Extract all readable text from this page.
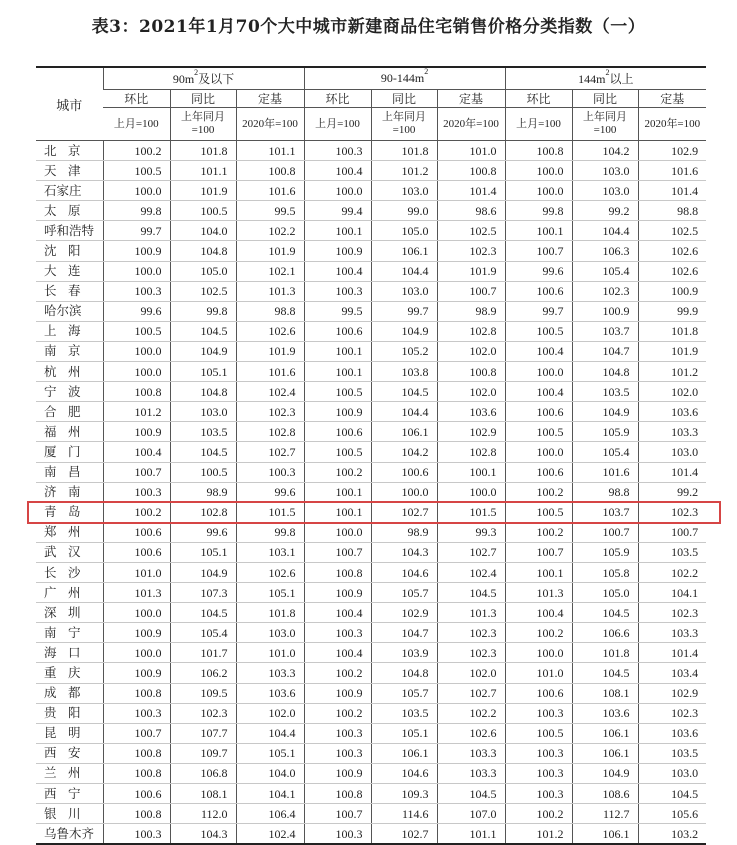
表3：2021年1月70个大中城市新建商品住宅销售价格分类指数（一）
城市	$90m^2$及以下			$90-144m^2$			$144m^2$以上		
	环比	同比	定基	环比	同比	定基	环比	同比	定基
	上月=100	上年同月=100	2020年=100	上月=100	上年同月=100	2020年=100	上月=100	上年同月=100	2020年=100
北 京	100.2	101.8	101.1	100.3	101.8	101.0	100.8	104.2	102.9
天 津	100.5	101.1	100.8	100.4	101.2	100.8	100.0	103.0	101.6
石家庄	100.0	101.9	101.6	100.0	103.0	101.4	100.0	103.0	101.4
太 原	99.8	100.5	99.5	99.4	99.0	98.6	99.8	99.2	98.8
呼和浩特	99.7	104.0	102.2	100.1	105.0	102.5	100.1	104.4	102.5
沈 阳	100.9	104.8	101.9	100.9	106.1	102.3	100.7	106.3	102.6
大 连	100.0	105.0	102.1	100.4	104.4	101.9	99.6	105.4	102.6
长 春	100.3	102.5	101.3	100.3	103.0	100.7	100.6	102.3	100.9
哈尔滨	99.6	99.8	98.8	99.5	99.7	98.9	99.7	100.9	99.9
上 海	100.5	104.5	102.6	100.6	104.9	102.8	100.5	103.7	101.8
南 京	100.0	104.9	101.9	100.1	105.2	102.0	100.4	104.7	101.9
杭 州	100.0	105.1	101.6	100.1	103.8	100.8	100.0	104.8	101.2
宁 波	100.8	104.8	102.4	100.5	104.5	102.0	100.4	103.5	102.0
合 肥	101.2	103.0	102.3	100.9	104.4	103.6	100.6	104.9	103.6
福 州	100.9	103.5	102.8	100.6	106.1	102.9	100.5	105.9	103.3
厦 门	100.4	104.5	102.7	100.5	104.2	102.8	100.0	105.4	103.0
南 昌	100.7	100.5	100.3	100.2	100.6	100.1	100.6	101.6	101.4
济 南	100.3	98.9	99.6	100.1	100.0	100.0	100.2	98.8	99.2
青 岛	100.2	102.8	101.5	100.1	102.7	101.5	100.5	103.7	102.3
郑 州	100.6	99.6	99.8	100.0	98.9	99.3	100.2	100.7	100.7
武 汉	100.6	105.1	103.1	100.7	104.3	102.7	100.7	105.9	103.5
长 沙	101.0	104.9	102.6	100.8	104.6	102.4	100.1	105.8	102.2
广 州	101.3	107.3	105.1	100.9	105.7	104.5	101.3	105.0	104.1
深 圳	100.0	104.5	101.8	100.4	102.9	101.3	100.4	104.5	102.3
南 宁	100.9	105.4	103.0	100.3	104.7	102.3	100.2	106.6	103.3
海 口	100.0	101.7	101.0	100.4	103.9	102.3	100.0	101.8	101.4
重 庆	100.9	106.2	103.3	100.2	104.8	102.0	101.0	104.5	103.4
成 都	100.8	109.5	103.6	100.9	105.7	102.7	100.6	108.1	102.9
贵 阳	100.3	102.3	102.0	100.2	103.5	102.2	100.3	103.6	102.3
昆 明	100.7	107.7	104.4	100.3	105.1	102.6	100.5	106.1	103.6
西 安	100.8	109.7	105.1	100.3	106.1	103.3	100.3	106.1	103.5
兰 州	100.8	106.8	104.0	100.9	104.6	103.3	100.3	104.9	103.0
西 宁	100.6	108.1	104.1	100.8	109.3	104.5	100.3	108.6	104.5
银 川	100.8	112.0	106.4	100.7	114.6	107.0	100.2	112.7	105.6
乌鲁木齐	100.3	104.3	102.4	100.3	102.7	101.1	101.2	106.1	103.2
